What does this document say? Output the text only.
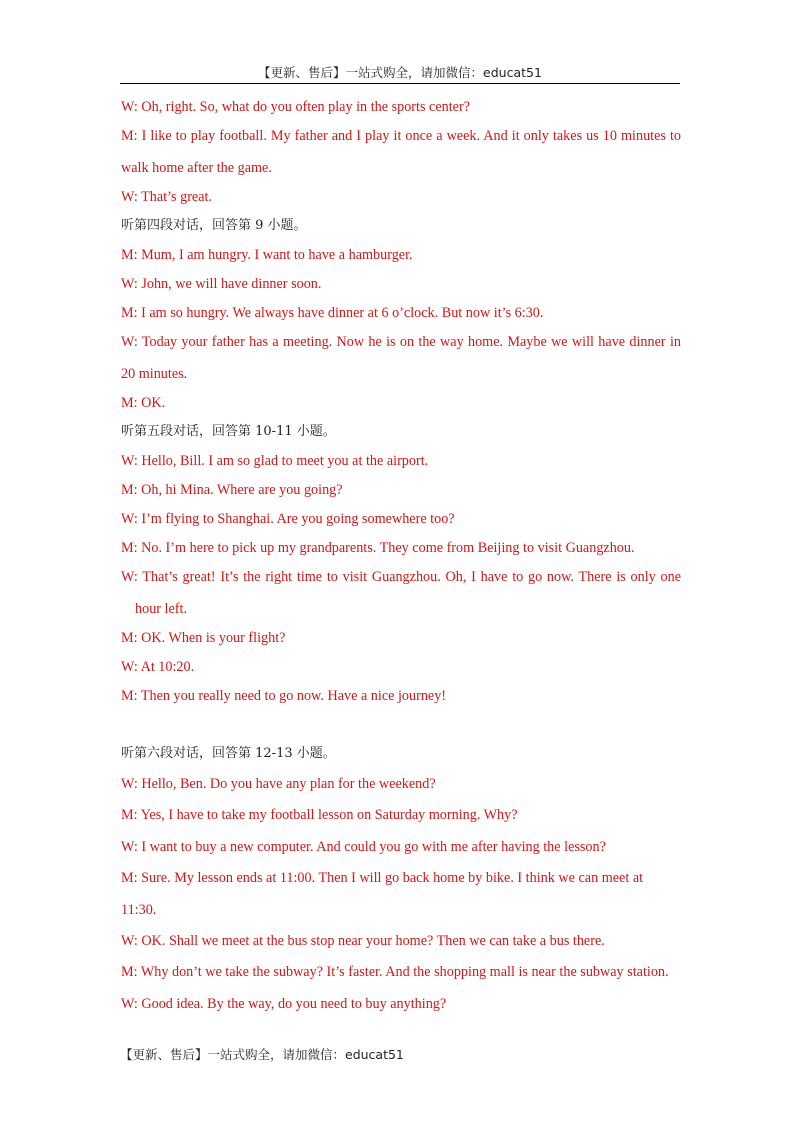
【更新、售后】一站式购全，请加微信：educat51
W: Oh, right. So, what do you often play in the sports center?
M: I like to play football. My father and I play it once a week. And it only takes us 10 minutes to
walk home after the game.
W: That’s great.
听第四段对话，回答第 9 小题。
M: Mum, I am hungry. I want to have a hamburger.
W: John, we will have dinner soon.
M: I am so hungry. We always have dinner at 6 o’clock. But now it’s 6:30.
W: Today your father has a meeting. Now he is on the way home. Maybe we will have dinner in
20 minutes.
M: OK.
听第五段对话，回答第 10-11 小题。
W: Hello, Bill. I am so glad to meet you at the airport.
M: Oh, hi Mina. Where are you going?
W: I’m flying to Shanghai. Are you going somewhere too?
M: No. I’m here to pick up my grandparents. They come from Beijing to visit Guangzhou.
W: That’s great! It’s the right time to visit Guangzhou. Oh, I have to go now. There is only one
hour left.
M: OK. When is your flight?
W: At 10:20.
M: Then you really need to go now. Have a nice journey!
听第六段对话，回答第 12-13 小题。
W: Hello, Ben. Do you have any plan for the weekend?
M: Yes, I have to take my football lesson on Saturday morning. Why?
W: I want to buy a new computer. And could you go with me after having the lesson?
M: Sure. My lesson ends at 11:00. Then I will go back home by bike. I think we can meet at
11:30.
W: OK. Shall we meet at the bus stop near your home? Then we can take a bus there.
M: Why don’t we take the subway? It’s faster. And the shopping mall is near the subway station.
W: Good idea. By the way, do you need to buy anything?
【更新、售后】一站式购全，请加微信：educat51
